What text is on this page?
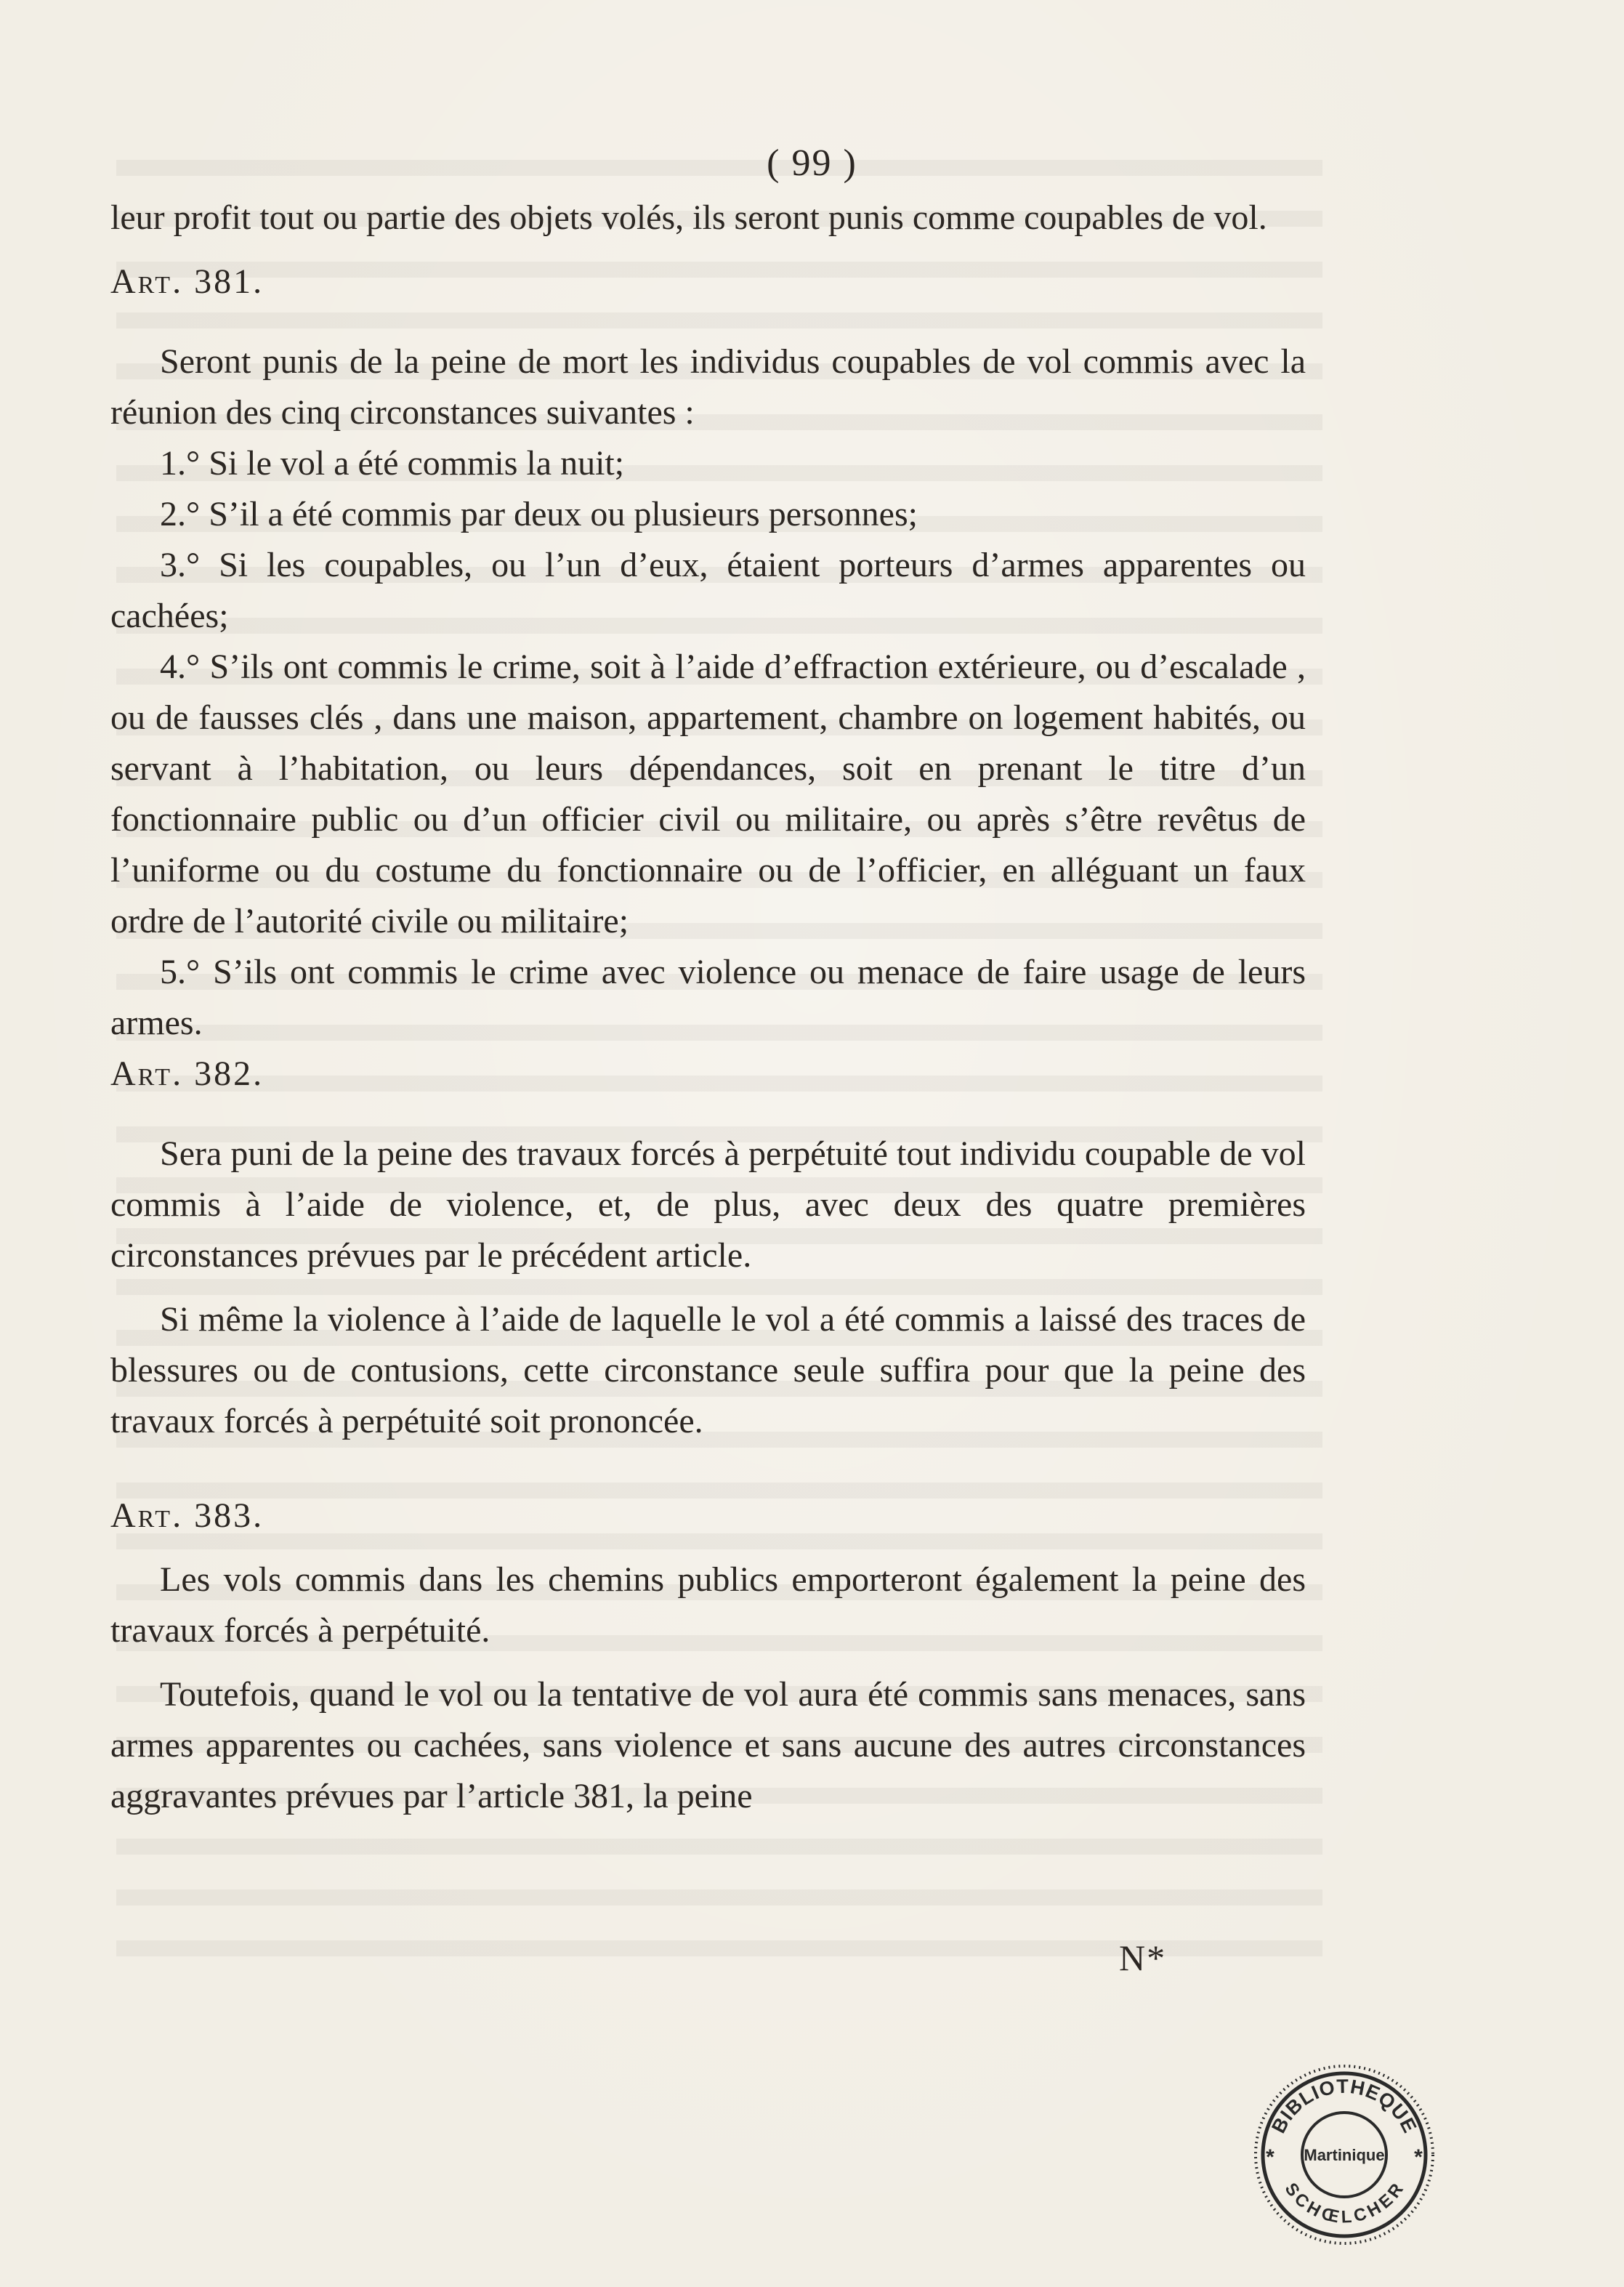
( 99 )

leur profit tout ou partie des objets volés, ils seront punis comme coupables de vol.

Art. 381.

Seront punis de la peine de mort les individus coupables de vol commis avec la réunion des cinq circonstances suivantes :

1.° Si le vol a été commis la nuit;

2.° S’il a été commis par deux ou plusieurs personnes;

3.° Si les coupables, ou l’un d’eux, étaient porteurs d’armes apparentes ou cachées;

4.° S’ils ont commis le crime, soit à l’aide d’effraction extérieure, ou d’escalade , ou de fausses clés , dans une maison, appartement, chambre on logement habités, ou servant à l’habitation, ou leurs dépendances, soit en prenant le titre d’un fonctionnaire public ou d’un officier civil ou militaire, ou après s’être revêtus de l’uniforme ou du costume du fonctionnaire ou de l’officier, en alléguant un faux ordre de l’autorité civile ou militaire;

5.° S’ils ont commis le crime avec violence ou menace de faire usage de leurs armes.

Art. 382.

Sera puni de la peine des travaux forcés à perpétuité tout individu coupable de vol commis à l’aide de violence, et, de plus, avec deux des quatre premières circonstances prévues par le précédent article.

Si même la violence à l’aide de laquelle le vol a été commis a laissé des traces de blessures ou de contusions, cette circonstance seule suffira pour que la peine des travaux forcés à perpétuité soit prononcée.

Art. 383.

Les vols commis dans les chemins publics emporteront également la peine des travaux forcés à perpétuité.

Toutefois, quand le vol ou la tentative de vol aura été commis sans menaces, sans armes apparentes ou cachées, sans violence et sans aucune des autres circonstances aggravantes prévues par l’article 381, la peine

N*
BIBLIOTHEQUE
SCHŒLCHER
Martinique
*	*
